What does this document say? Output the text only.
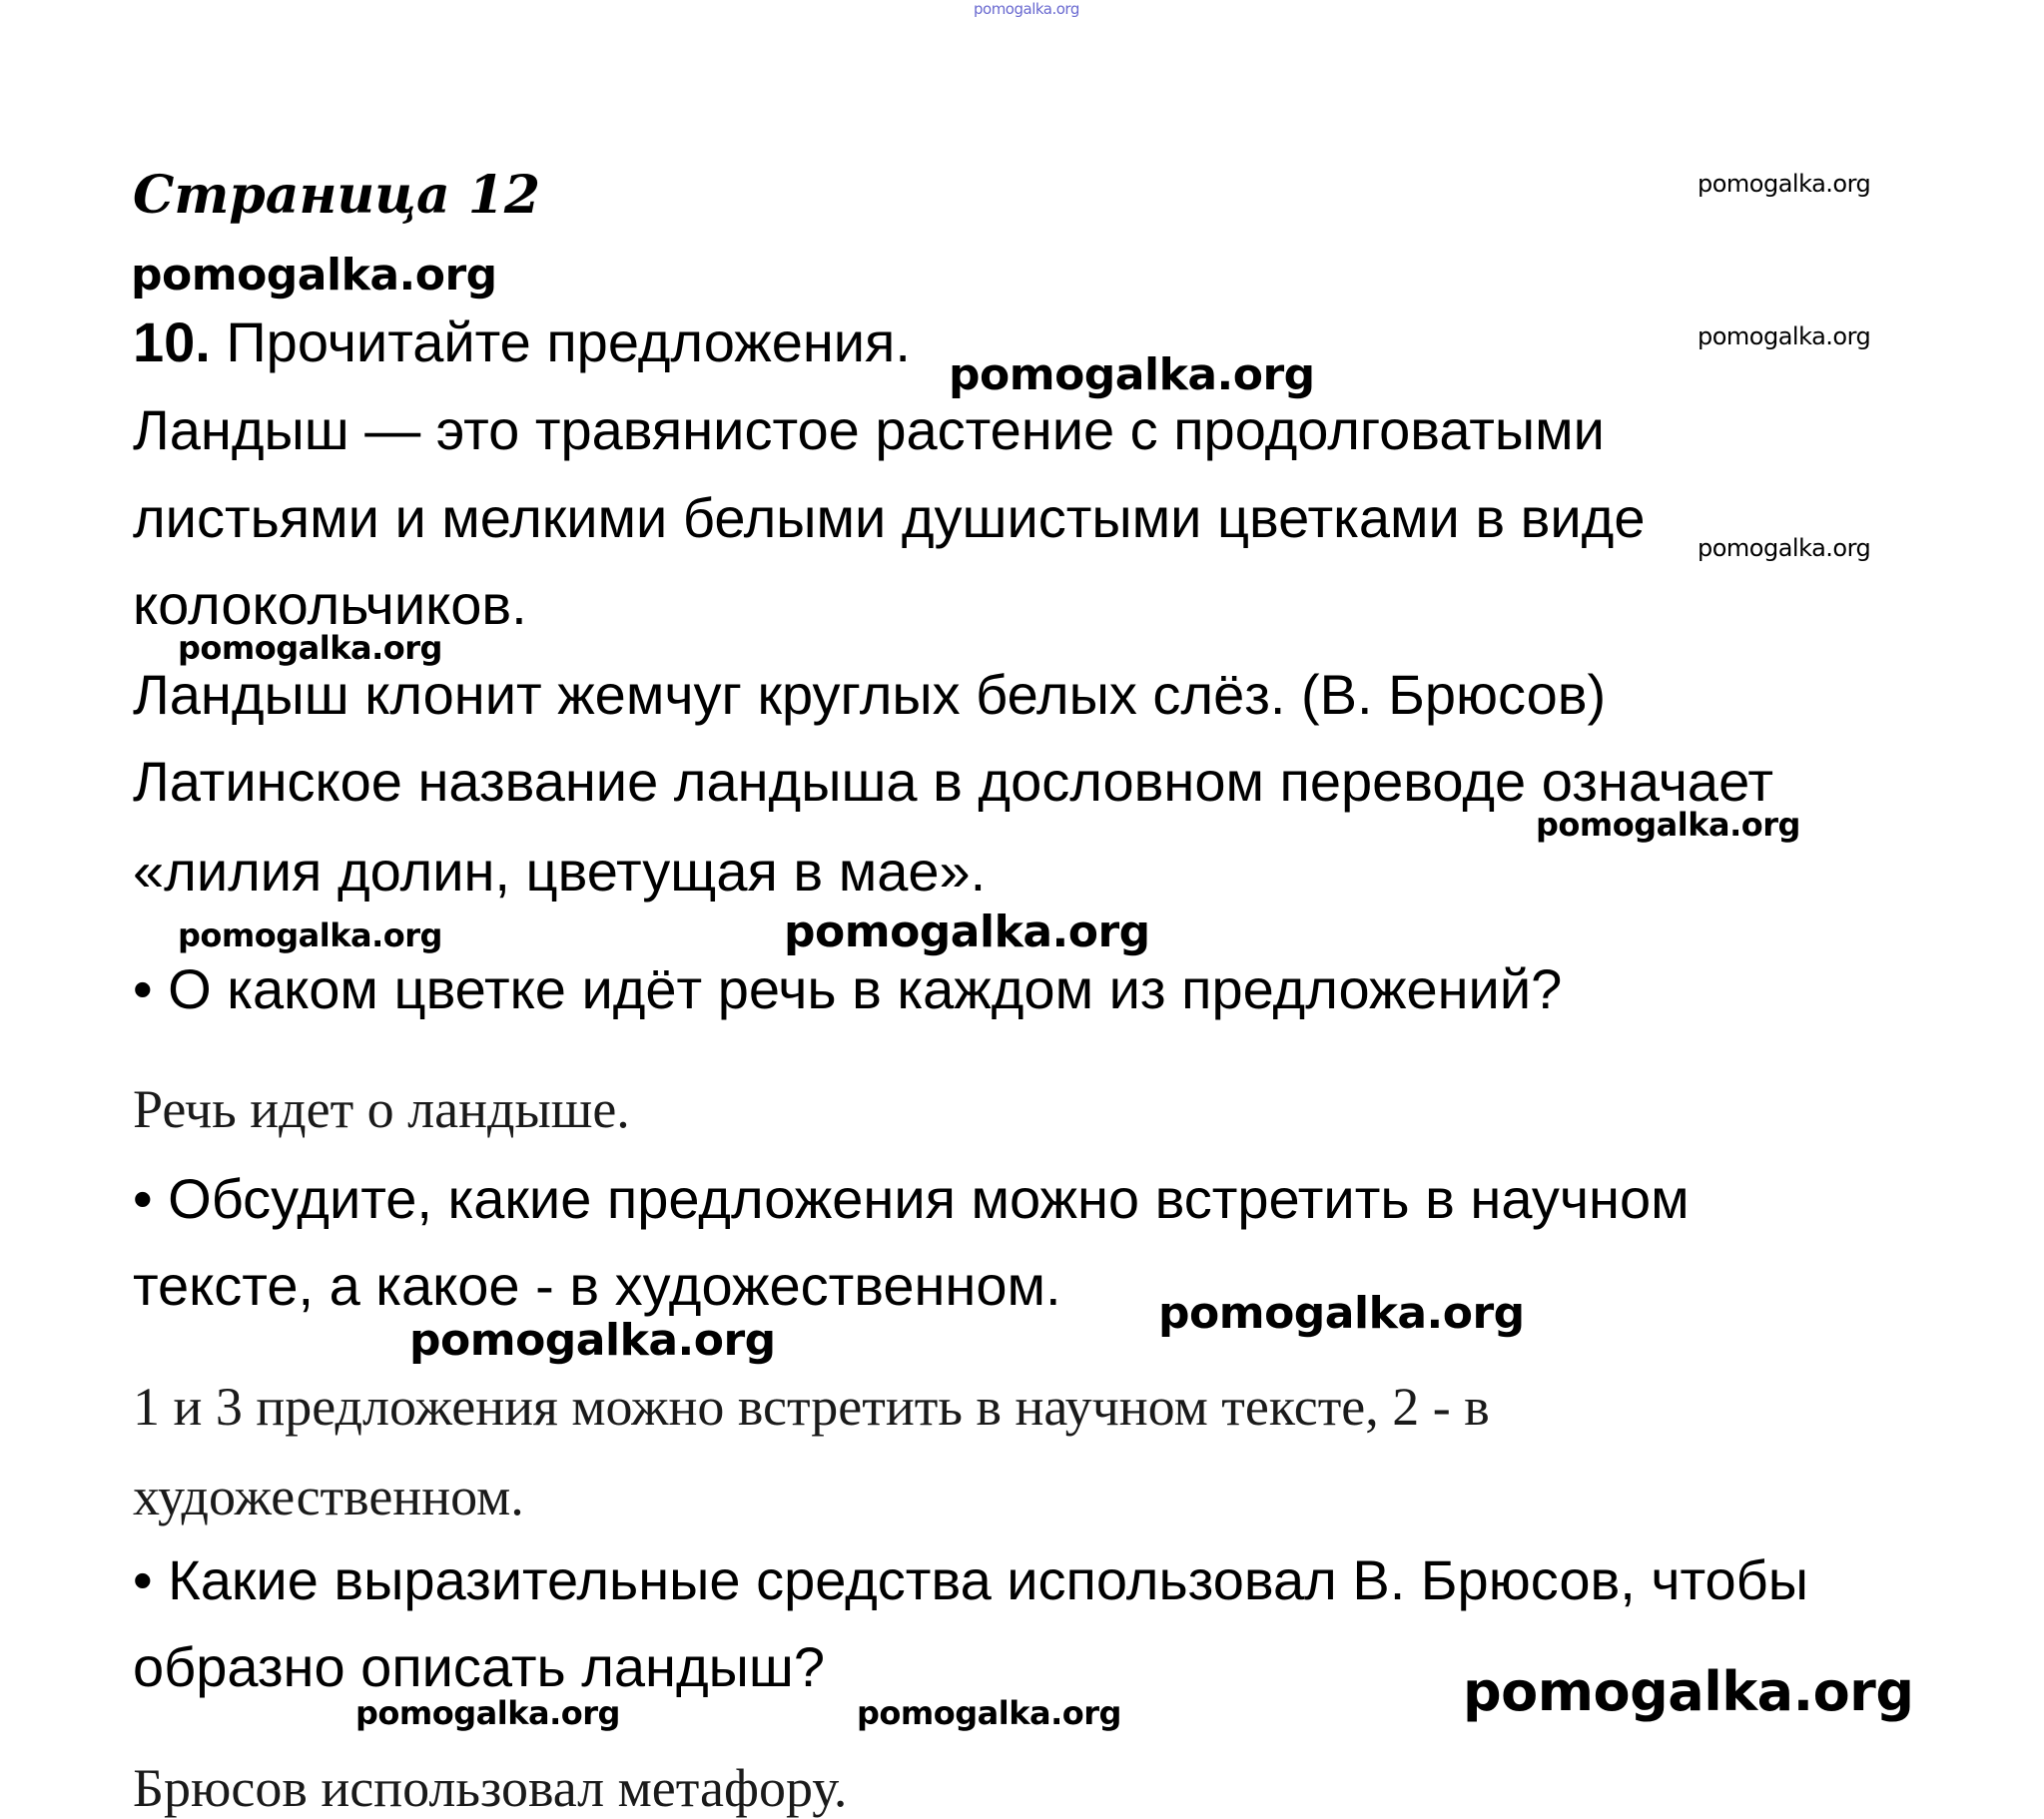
pomogalka.org
Страница 12	pomogalka.org
pomogalka.org
10. Прочитайте предложения.	pomogalka.org
pomogalka.org
Ландыш — это травянистое растение с продолговатыми
листьями и мелкими белыми душистыми цветками в виде pomogalka.org
колокольчиков.
pomogalka.org
Ландыш клонит жемчуг круглых белых слёз. (В. Брюсов)
Латинское название ландыша в дословном переводе означает
pomogalka.org
«лилия долин, цветущая в мае».
pomogalka.org	pomogalka.org
• О каком цветке идёт речь в каждом из предложений?
Речь идет о ландыше.
• Обсудите, какие предложения можно встретить в научном
тексте, а какое - в художественном. pomogalka.org
pomogalka.org
1 и 3 предложения можно встретить в научном тексте, 2 - в
художественном.
• Какие выразительные средства использовал В. Брюсов, чтобы
образно описать ландыш?	pomogalka.org
pomogalka.org	pomogalka.org
Брюсов использовал метафору.
